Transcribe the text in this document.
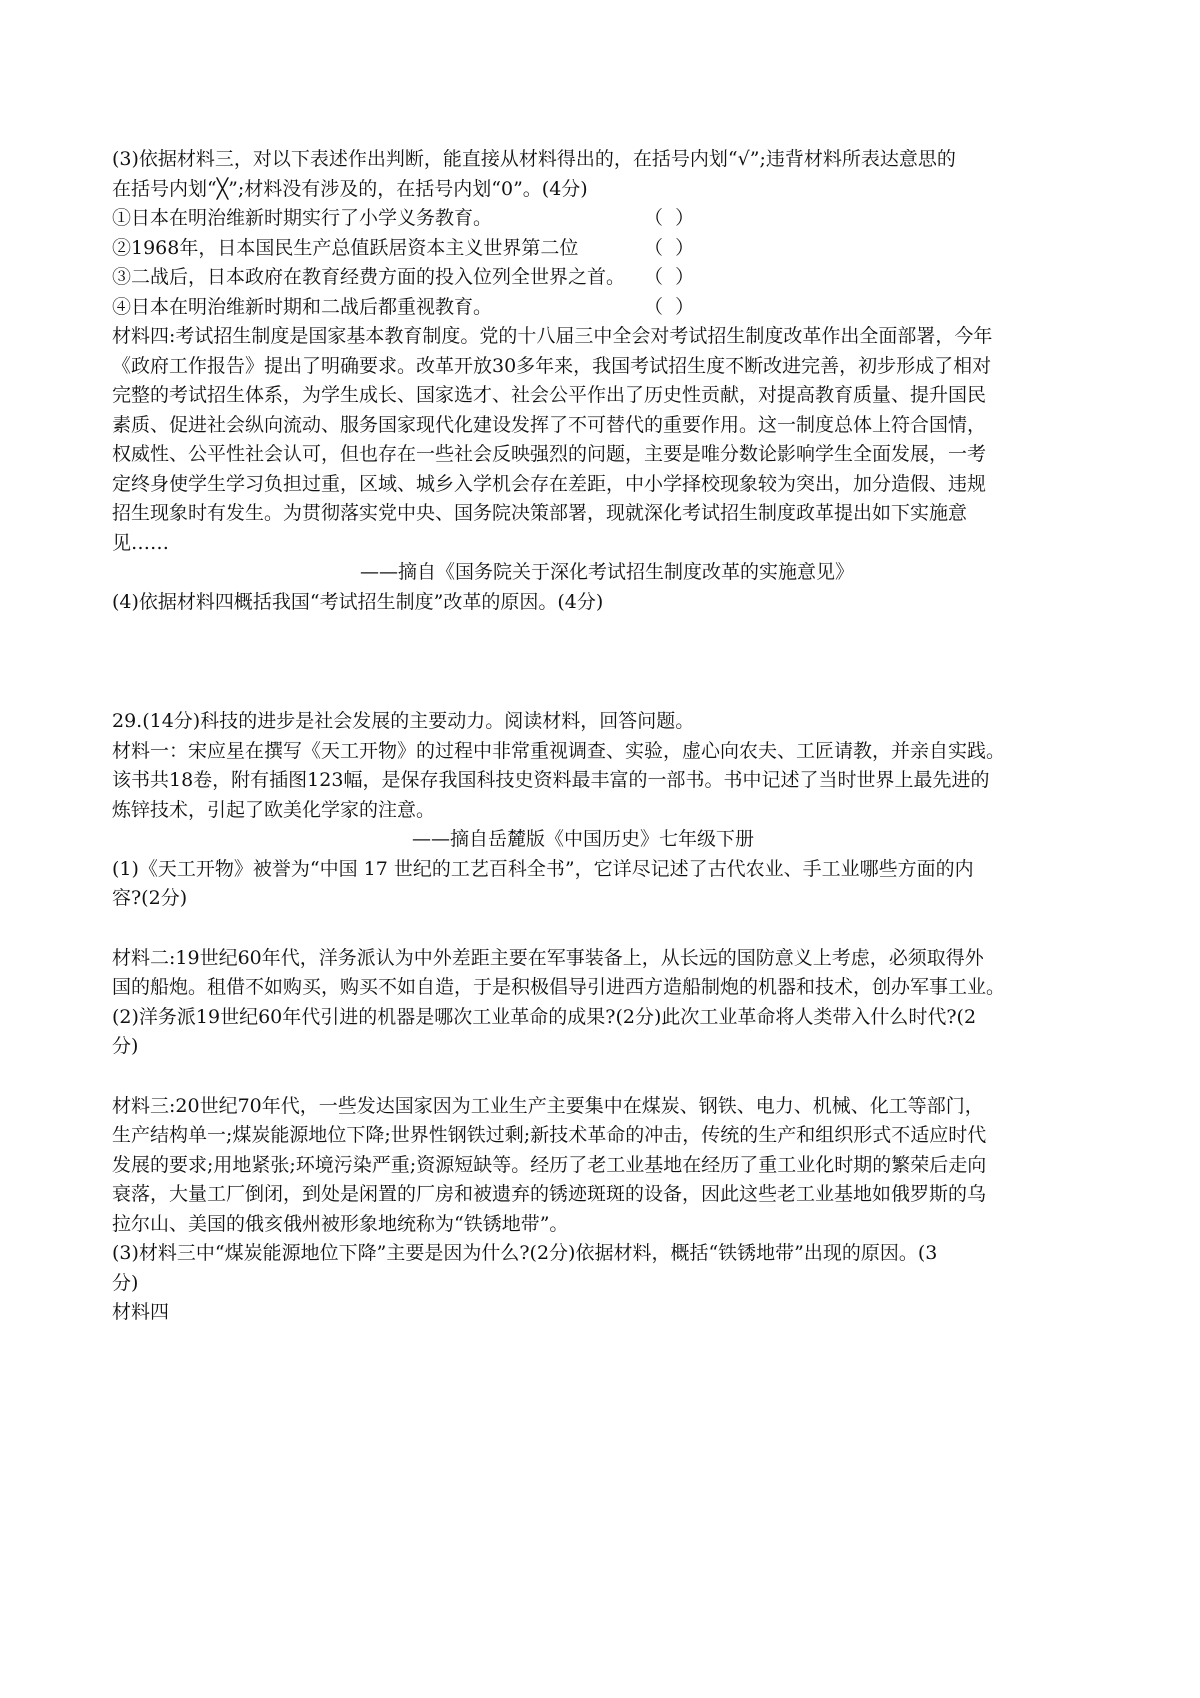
(3)依据材料三，对以下表述作出判断，能直接从材料得出的，在括号内划“√”;违背材料所表达意思的
在括号内划“╳”;材料没有涉及的，在括号内划“0”。(4分)
①日本在明治维新时期实行了小学义务教育。	（  ）
②1968年，日本国民生产总值跃居资本主义世界第二位	（  ）
③二战后，日本政府在教育经费方面的投入位列全世界之首。 （  ）
④日本在明治维新时期和二战后都重视教育。	（  ）
材料四:考试招生制度是国家基本教育制度。党的十八届三中全会对考试招生制度改革作出全面部署，今年
《政府工作报告》提出了明确要求。改革开放30多年来，我国考试招生度不断改进完善，初步形成了相对
完整的考试招生体系，为学生成长、国家选才、社会公平作出了历史性贡献，对提高教育质量、提升国民
素质、促进社会纵向流动、服务国家现代化建设发挥了不可替代的重要作用。这一制度总体上符合国情，
权威性、公平性社会认可，但也存在一些社会反映强烈的问题，主要是唯分数论影响学生全面发展，一考
定终身使学生学习负担过重，区域、城乡入学机会存在差距，中小学择校现象较为突出，加分造假、违规
招生现象时有发生。为贯彻落实党中央、国务院决策部署，现就深化考试招生制度政革提出如下实施意
见……
——摘自《国务院关于深化考试招生制度改革的实施意见》
(4)依据材料四概括我国“考试招生制度”改革的原因。(4分)
29.(14分)科技的进步是社会发展的主要动力。阅读材料，回答问题。
材料一：宋应星在撰写《天工开物》的过程中非常重视调查、实验，虚心向农夫、工匠请教，并亲自实践。
该书共18卷，附有插图123幅，是保存我国科技史资料最丰富的一部书。书中记述了当时世界上最先进的
炼锌技术，引起了欧美化学家的注意。
——摘自岳麓版《中国历史》七年级下册
(1)《天工开物》被誉为“中国 17 世纪的工艺百科全书”，它详尽记述了古代农业、手工业哪些方面的内
容?(2分)
材料二:19世纪60年代，洋务派认为中外差距主要在军事装备上，从长远的国防意义上考虑，必须取得外
国的船炮。租借不如购买，购买不如自造，于是积极倡导引进西方造船制炮的机器和技术，创办军事工业。
(2)洋务派19世纪60年代引进的机器是哪次工业革命的成果?(2分)此次工业革命将人类带入什么时代?(2
分)
材料三:20世纪70年代，一些发达国家因为工业生产主要集中在煤炭、钢铁、电力、机械、化工等部门，
生产结构单一;煤炭能源地位下降;世界性钢铁过剩;新技术革命的冲击，传统的生产和组织形式不适应时代
发展的要求;用地紧张;环境污染严重;资源短缺等。经历了老工业基地在经历了重工业化时期的繁荣后走向
衰落，大量工厂倒闭，到处是闲置的厂房和被遗弃的锈迹斑斑的设备，因此这些老工业基地如俄罗斯的乌
拉尔山、美国的俄亥俄州被形象地统称为“铁锈地带”。
(3)材料三中“煤炭能源地位下降”主要是因为什么?(2分)依据材料，概括“铁锈地带”出现的原因。(3
分)
材料四
